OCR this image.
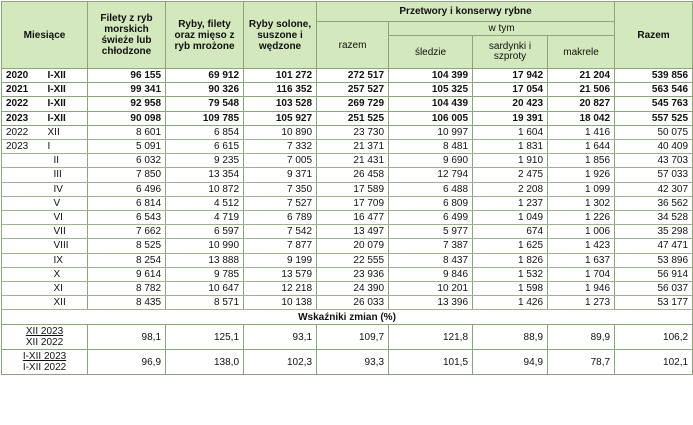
Miesiące		Filety z ryb morskich świeże lub chłodzone	Ryby, filety oraz mięso z ryb mrożone	Ryby solone, suszone i wędzone	Przetwory i konserwy rybne				Razem
					razem	w tym			
						śledzie	sardynki i szproty	makrele	
2020	I-XII	96 155	69 912	101 272	272 517	104 399	17 942	21 204	539 856
2021	I-XII	99 341	90 326	116 352	257 527	105 325	17 054	21 506	563 546
2022	I-XII	92 958	79 548	103 528	269 729	104 439	20 423	20 827	545 763
2023	I-XII	90 098	109 785	105 927	251 525	106 005	19 391	18 042	557 525
2022	XII	8 601	6 854	10 890	23 730	10 997	1 604	1 416	50 075
2023	I	5 091	6 615	7 332	21 371	8 481	1 831	1 644	40 409
	II	6 032	9 235	7 005	21 431	9 690	1 910	1 856	43 703
	III	7 850	13 354	9 371	26 458	12 794	2 475	1 926	57 033
	IV	6 496	10 872	7 350	17 589	6 488	2 208	1 099	42 307
	V	6 814	4 512	7 527	17 709	6 809	1 237	1 302	36 562
	VI	6 543	4 719	6 789	16 477	6 499	1 049	1 226	34 528
	VII	7 662	6 597	7 542	13 497	5 977	674	1 006	35 298
	VIII	8 525	10 990	7 877	20 079	7 387	1 625	1 423	47 471
	IX	8 254	13 888	9 199	22 555	8 437	1 826	1 637	53 896
	X	9 614	9 785	13 579	23 936	9 846	1 532	1 704	56 914
	XI	8 782	10 647	12 218	24 390	10 201	1 598	1 946	56 037
	XII	8 435	8 571	10 138	26 033	13 396	1 426	1 273	53 177
Wskaźniki zmian (%)									

XII 2023
XII 2022		98,1	125,1	93,1	109,7	121,8	88,9	89,9	106,2

I-XII 2023
I-XII 2022		96,9	138,0	102,3	93,3	101,5	94,9	78,7	102,1
